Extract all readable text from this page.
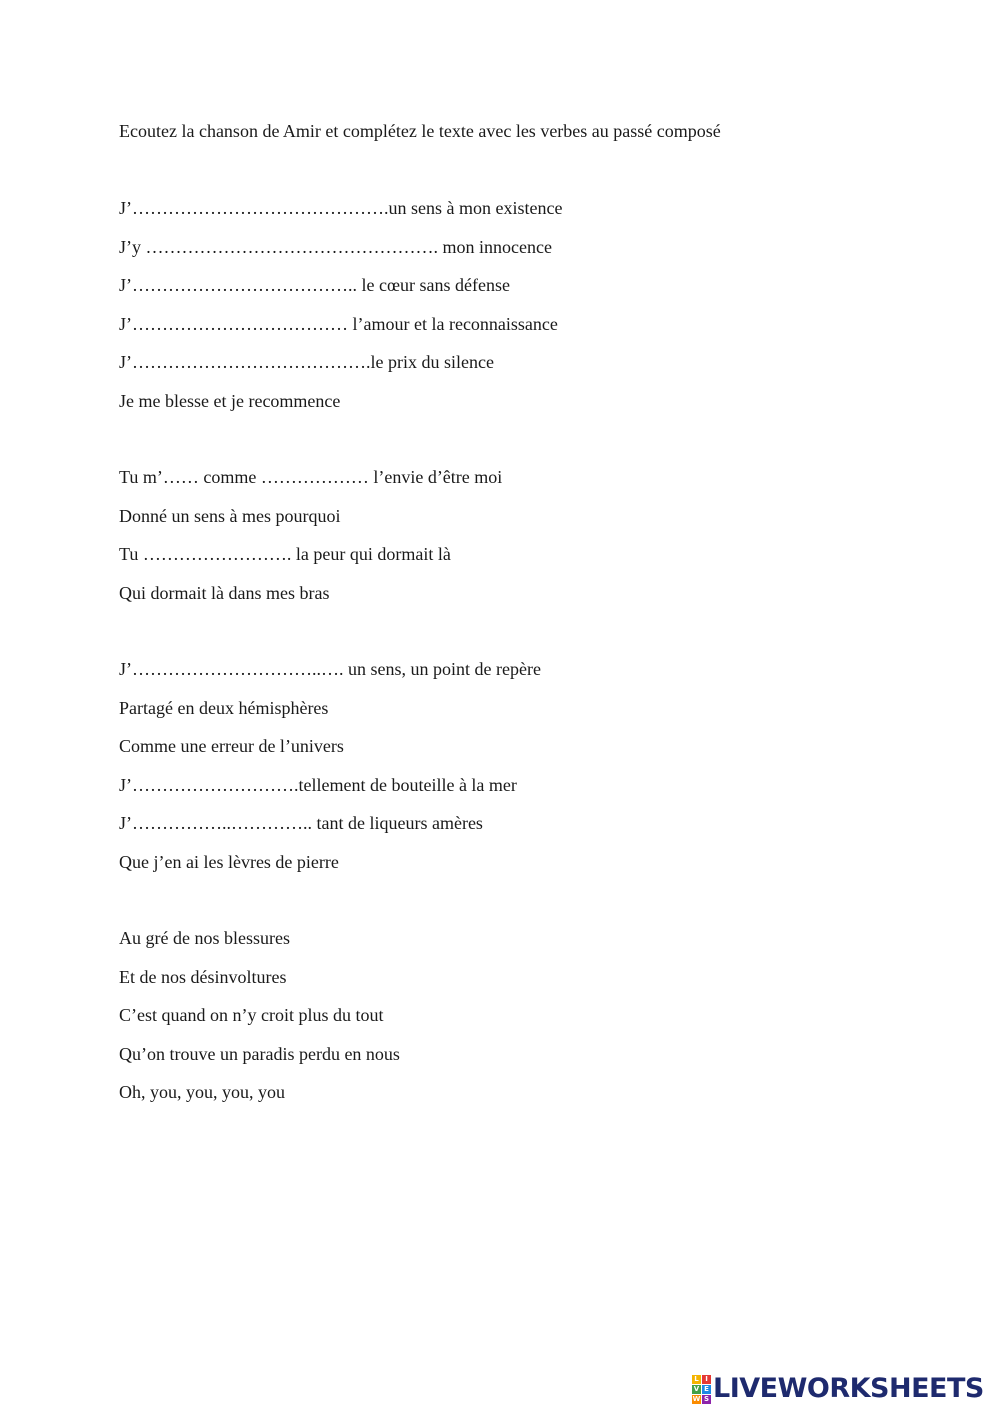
Ecoutez la chanson de Amir et complétez le texte avec les verbes au passé composé
J’…………………………………….un sens à mon existence
J’y …………………………………………. mon innocence
J’……………………………….. le cœur sans défense
J’……………………………… l’amour et la reconnaissance
J’………………………………….le prix du silence
Je me blesse et je recommence
Tu m’…… comme ……………… l’envie d’être moi
Donné un sens à mes pourquoi
Tu ……………………. la peur qui dormait là
Qui dormait là dans mes bras
J’…………………………..…. un sens, un point de repère
Partagé en deux hémisphères
Comme une erreur de l’univers
J’……………………….tellement de bouteille à la mer
J’……………..………….. tant de liqueurs amères
Que j’en ai les lèvres de pierre
Au gré de nos blessures
Et de nos désinvoltures
C’est quand on n’y croit plus du tout
Qu’on trouve un paradis perdu en nous
Oh, you, you, you, you
L I
V E
W S LIVEWORKSHEETS
